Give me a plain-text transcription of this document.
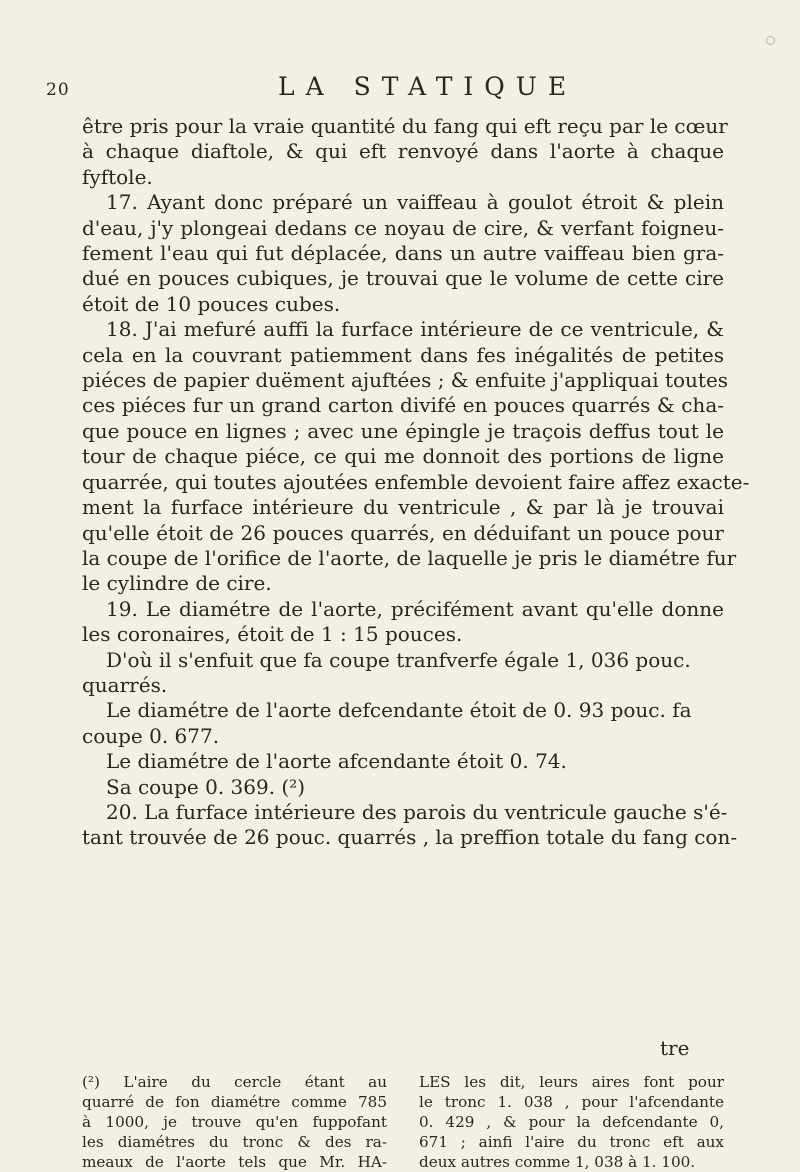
20	LA STATIQUE
être pris pour la vraie quantité du fang qui eft reçu par le cœur
à chaque diaftole, & qui eft renvoyé dans l'aorte à chaque
fyftole.
17. Ayant donc préparé un vaiffeau à goulot étroit & plein
d'eau, j'y plongeai dedans ce noyau de cire, & verfant foigneu-
fement l'eau qui fut déplacée, dans un autre vaiffeau bien gra-
dué en pouces cubiques, je trouvai que le volume de cette cire
étoit de 10 pouces cubes.
18. J'ai mefuré auffi la furface intérieure de ce ventricule, &
cela en la couvrant patiemment dans fes inégalités de petites
piéces de papier duëment ajuftées ; & enfuite j'appliquai toutes
ces piéces fur un grand carton divifé en pouces quarrés & cha-
que pouce en lignes ; avec une épingle je traçois deffus tout le
tour de chaque piéce, ce qui me donnoit des portions de ligne
quarrée, qui toutes ajoutées enfemble devoient faire affez exacte-
ment la furface intérieure du ventricule , & par là je trouvai
qu'elle étoit de 26 pouces quarrés, en déduifant un pouce pour
la coupe de l'orifice de l'aorte, de laquelle je pris le diamétre fur
le cylindre de cire.
19. Le diamétre de l'aorte, précifément avant qu'elle donne
les coronaires, étoit de 1 : 15 pouces.
D'où il s'enfuit que fa coupe tranfverfe égale 1, 036 pouc.
quarrés.
Le diamétre de l'aorte defcendante étoit de 0. 93 pouc. fa
coupe 0. 677.
Le diamétre de l'aorte afcendante étoit 0. 74.
Sa coupe 0. 369. (²)
20. La furface intérieure des parois du ventricule gauche s'é-
tant trouvée de 26 pouc. quarrés , la preffion totale du fang con-
tre
(²) L'aire du cercle étant au
quarré de fon diamétre comme 785
à 1000, je trouve qu'en fuppofant
les diamétres du tronc & des ra-
meaux de l'aorte tels que Mr. HA-
LES les dit, leurs aires font pour
le tronc 1. 038 , pour l'afcendante
0. 429 , & pour la defcendante 0,
671 ; ainfi l'aire du tronc eft aux
deux autres comme 1, 038 à 1. 100.
